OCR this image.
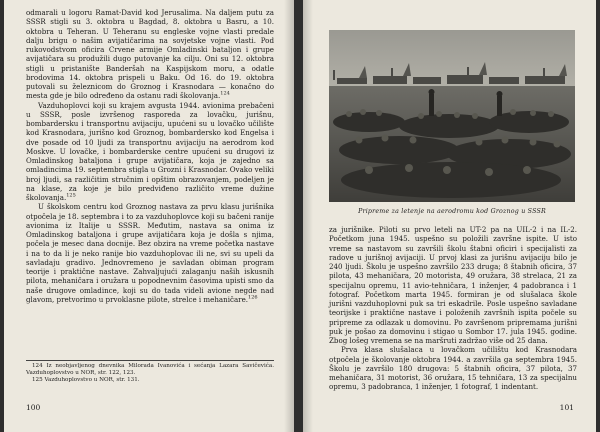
odmarali u logoru Ramat-David kod Jerusalima. Na daljem putu za SSSR stigli su 3. oktobra u Bagdad, 8. oktobra u Basru, a 10. oktobra u Teheran. U Teheranu su engleske vojne vlasti predale dalju brigu o našim avijatičarima na sovjetske vojne vlasti. Pod rukovodstvom oficira Crvene armije Omladinski bataljon i grupe avijatičara su produžili dugo putovanje ka cilju. Oni su 12. oktobra stigli u pristanište Banderšah na Kaspijskom moru, a odatle brodovima 14. oktobra prispeli u Baku. Od 16. do 19. oktobra putovali su železnicom do Groznog i Krasnodara — konačno do mesta gde je bilo određeno da ostanu radi školovanja.$^{124}$

Vazduhoplovci koji su krajem avgusta 1944. avionima prebačeni u SSSR, posle izvršenog rasporeda za lovačku, jurišnu, bombardersku i transportnu avijaciju, upućeni su u lovačko učilište kod Krasnodara, jurišno kod Groznog, bombardersko kod Engelsa i dve posade od 10 ljudi za transportnu avijaciju na aerodrom kod Moskve. U lovačke, i bombarderske centre upućeni su drugovi iz Omladinskog bataljona i grupe avijatičara, koja je zajedno sa omladincima 19. septembra stigla u Grozni i Krasnodar. Ovako veliki broj ljudi, sa različitim stručnim i opštim obrazovanjem, podeljen je na klase, za koje je bilo predviđeno različito vreme dužine školovanja.$^{125}$

U školskom centru kod Groznog nastava za prvu klasu jurišnika otpočela je 18. septembra i to za vazduhoplovce koji su bačeni ranije avionima iz Italije u SSSR. Međutim, nastava sa onima iz Omladinskog bataljona i grupe avijatičara koja je došla s njima, počela je mesec dana docnije. Bez obzira na vreme početka nastave i na to da li je neko ranije bio vazduhoplovac ili ne, svi su upeli da savladaju gradivo. Jednovremeno je savladan obiman program teorije i praktične nastave. Zahvaljujući zalaganju naših iskusnih pilota, mehaničara i oružara u popodnevnim časovima upisti smo da naše drugove omladince, koji su do tada videli avione negde nad glavom, pretvorimo u prvoklasne pilote, strelce i mehaničare.$^{126}$

124 Iz neobjavljenog dnevnika Milorada Ivanovića i sećanja Lazara Savičevića. Vazduhoplovstvo u NOR, str. 122, 123.
125 Vazduhoplovstvo u NOR, str. 131.
100
Pripreme za letenje na aerodromu kod Groznog u SSSR

za jurišnike. Piloti su prvo leteli na UT-2 pa na UIL-2 i na IL-2. Početkom juna 1945. uspešno su položili završne ispite. U isto vreme sa nastavom su završili školu štabni oficiri i specijalisti za radove u jurišnoj avijaciji. U prvoj klasi za jurišnu avijaciju bilo je 240 ljudi. Školu je uspešno završilo 233 druga; 8 štabnih oficira, 37 pilota, 43 mehaničara, 20 motorista, 49 oružara, 38 strelaca, 21 za specijalnu opremu, 11 avio-tehničara, 1 inženjer, 4 padobranca i 1 fotograf. Početkom marta 1945. formiran je od slušalaca škole jurišni vazduhoplovni puk sa tri eskadrile. Posle uspešno savladane teorijske i praktične nastave i položenih završnih ispita počele su pripreme za odlazak u domovinu. Po završenom pripremama jurišni puk je pošao za domovinu i stigao u Sombor 17. jula 1945. godine. Zbog lošeg vremena se na maršruti zadržao više od 25 dana.

Prva klasa slušalaca u lovačkom učilištu kod Krasnodara otpočela je školovanje oktobra 1944. a završila ga septembra 1945. Školu je završilo 180 drugova: 5 štabnih oficira, 37 pilota, 37 mehaničara, 31 motorist, 36 oružara, 15 tehničara, 13 za specijalnu opremu, 3 padobranca, 1 inženjer, 1 fotograf, 1 indentant.

101
